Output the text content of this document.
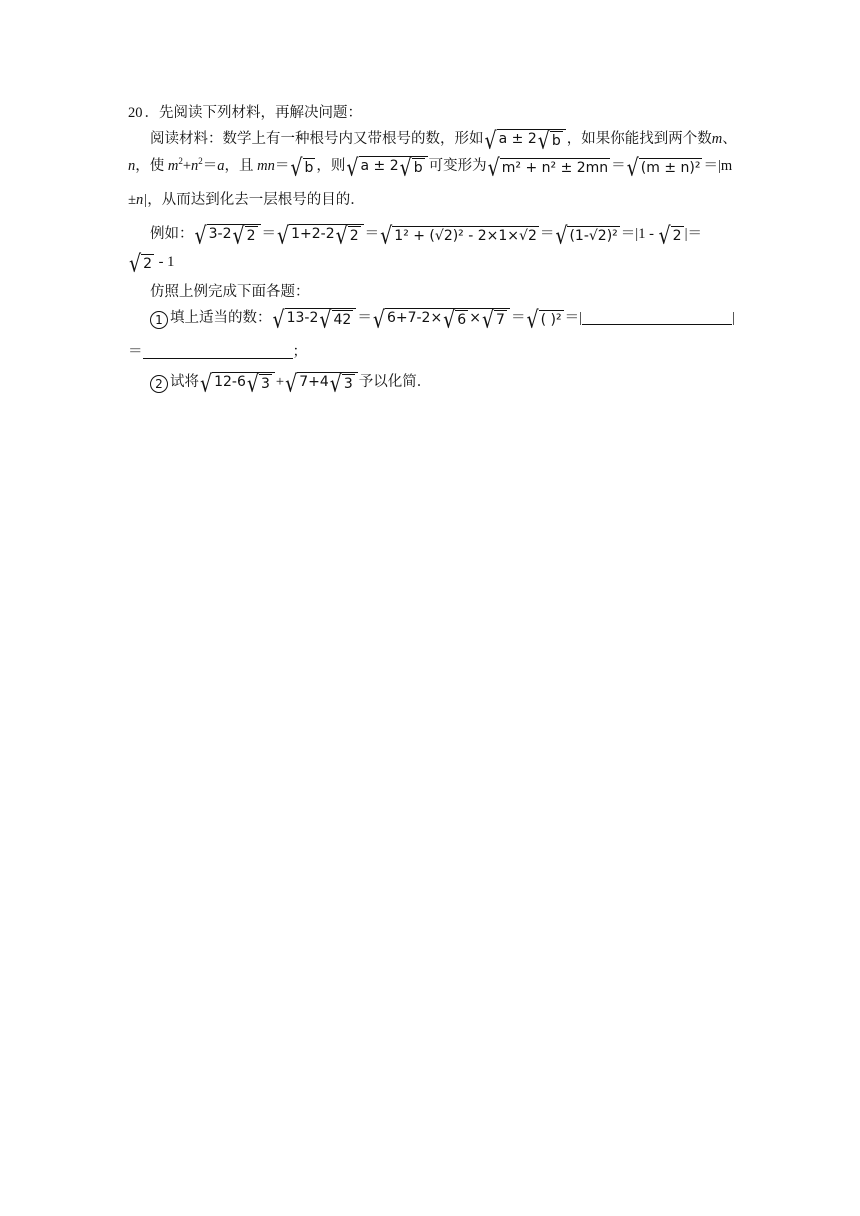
20 ．先阅读下列材料，再解决问题：
阅读材料：数学上有一种根号内又带根号的数，形如 √ a ± 2 √ b ，如果你能找到两个数m、
n，使 $m^2+n^2=a$，且 mn＝ √ b ，则 √ a ± 2 √ b 可变形为 √ m² + n² ± 2mn ＝ √ (m ± n)² ＝|m
±n|，从而达到化去一层根号的目的．
例如： √ 3-2 √ 2 ＝ √ 1+2-2 √ 2 ＝ √ 1² + (√2)² - 2×1×√2 ＝ √ (1-√2)² ＝|1 - √ 2 |＝
√ 2 - 1
仿照上例完成下面各题：
1 填上适当的数： √ 13-2 √ 42 ＝ √ 6+7-2× √ 6 × √ 7 ＝ √ ( )² ＝|	|
＝	；
2 试将 √ 12-6 √ 3 + √ 7+4 √ 3 予以化简．
